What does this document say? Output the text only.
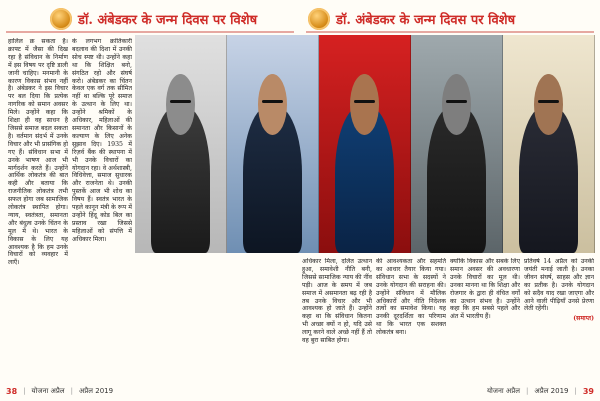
डॉ. अंबेडकर के जन्म दिवस पर विशेष

हालिल क्र सकता है। क्राफ्ट में जैसा की दिख रहा है संविधान के निर्माण में इस विषय पर दृष्टि डाली जानी चाहिए। मनमानी के कारण विकास संभव नहीं है। अंबेडकर ने इस विचार पर बल दिया कि प्रत्येक नागरिक को समान अवसर मिले। उन्होंने कहा कि शिक्षा ही वह साधन है जिससे समाज बदल सकता है। वर्तमान संदर्भ में उनके विचार और भी प्रासंगिक हो गए हैं। संविधान सभा में उनके भाषण आज भी मार्गदर्शन करते हैं। उन्होंने आर्थिक लोकतंत्र की बात कही और बताया कि राजनीतिक लोकतंत्र तभी सफल होगा जब सामाजिक लोकतंत्र स्थापित होगा। न्याय, स्वतंत्रता, समानता और बंधुत्व उनके चिंतन के मूल में थे। भारत के विकास के लिए यह आवश्यक है कि हम उनके विचारों को व्यवहार में लाएँ।

के लगभग क्रांतिकारी बदलाव की दिशा में उनकी सोच स्पष्ट थी। उन्होंने कहा था कि शिक्षित बनो, संगठित रहो और संघर्ष करो। अंबेडकर का चिंतन केवल एक वर्ग तक सीमित नहीं था बल्कि पूरे समाज के उत्थान के लिए था। उन्होंने श्रमिकों के अधिकार, महिलाओं की समानता और किसानों के कल्याण के लिए अनेक सुझाव दिए। 1935 में रिज़र्व बैंक की स्थापना में भी उनके विचारों का योगदान रहा। वे अर्थशास्त्री, विधिवेत्ता, समाज सुधारक और राजनेता थे। उनकी पुस्तकें आज भी शोध का विषय हैं। स्वतंत्र भारत के पहले कानून मंत्री के रूप में उन्होंने हिंदू कोड बिल का प्रस्ताव रखा जिससे महिलाओं को संपत्ति में अधिकार मिला।

38 | योजना अप्रैल | अप्रैल 2019
डॉ. अंबेडकर के जन्म दिवस पर विशेष

अधिकार मिला, दलित उत्थान हुआ, समावेशी नीति बनी, जिससे सामाजिक न्याय की नींव पड़ी। आज के समय में जब समाज में असमानता बढ़ रही है तब उनके विचार और भी आवश्यक हो जाते हैं। उन्होंने कहा था कि संविधान कितना भी अच्छा क्यों न हो, यदि उसे लागू करने वाले अच्छे नहीं हैं तो वह बुरा साबित होगा।

की आवश्यकता और सहमति का आधार तैयार किया गया। संविधान सभा के सदस्यों ने उनके योगदान की सराहना की। उन्होंने संविधान में मौलिक अधिकारों और नीति निदेशक तत्वों का समावेश किया। यह उनकी दूरदर्शिता का परिणाम था कि भारत एक सशक्त लोकतंत्र बना।

क्योंकि विकास और सबके लिए समान अवसर की अवधारणा उनके विचारों का मूल थी। उनका मानना था कि शिक्षा और रोजगार के द्वारा ही वंचित वर्गों का उत्थान संभव है। उन्होंने कहा कि हम सबसे पहले और अंत में भारतीय हैं।

प्रतिवर्ष 14 अप्रैल को उनकी जयंती मनाई जाती है। उनका जीवन संघर्ष, साहस और ज्ञान का प्रतीक है। उनके योगदान को सदैव याद रखा जाएगा और आने वाली पीढ़ियाँ उनसे प्रेरणा लेती रहेंगी।

(समाप्त)

योजना अप्रैल | अप्रैल 2019 | 39
